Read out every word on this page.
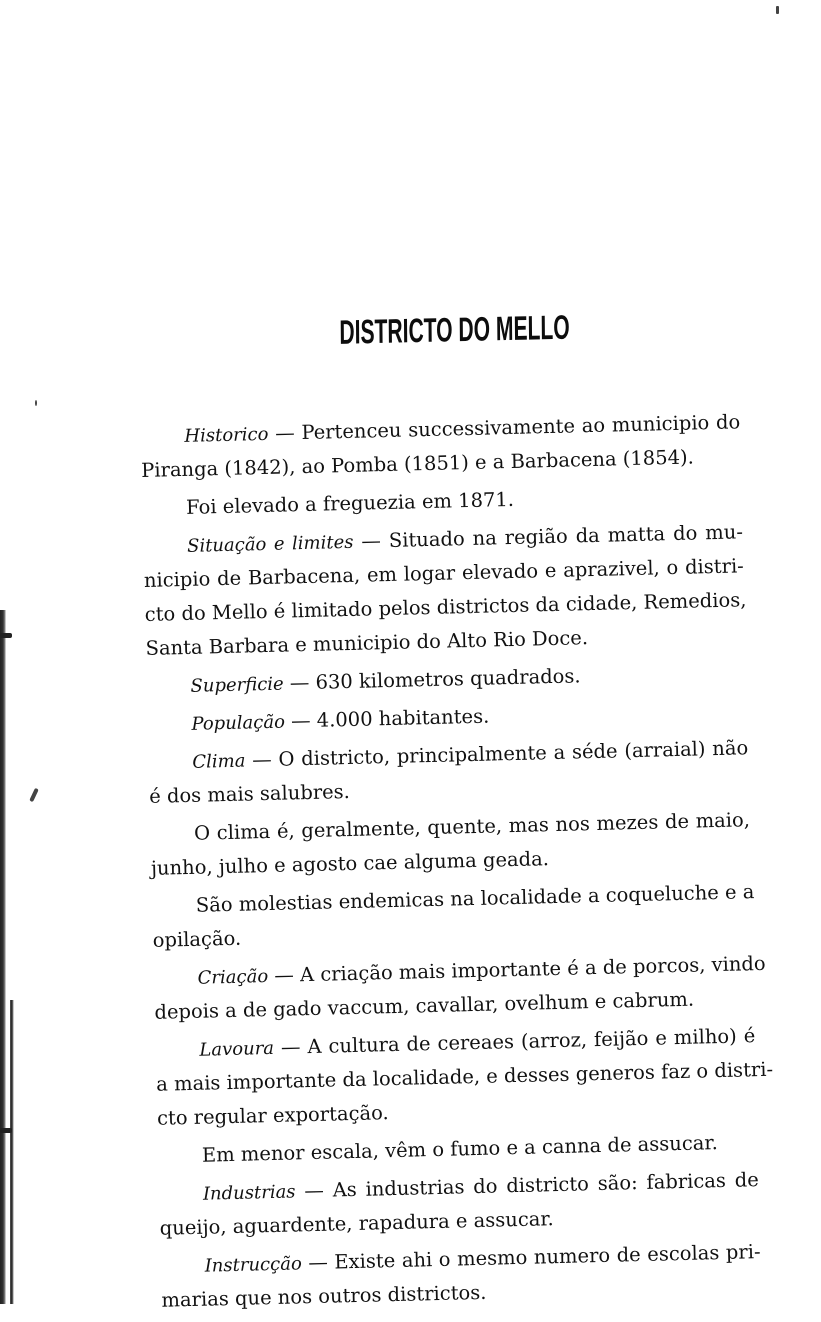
DISTRICTO DO MELLO
Historico — Pertenceu successivamente ao municipio do
Piranga (1842), ao Pomba (1851) e a Barbacena (1854).
Foi elevado a freguezia em 1871.
Situação e limites — Situado na região da matta do mu-
nicipio de Barbacena, em logar elevado e aprazivel, o distri-
cto do Mello é limitado pelos districtos da cidade, Remedios,
Santa Barbara e municipio do Alto Rio Doce.
Superficie — 630 kilometros quadrados.
População — 4.000 habitantes.
Clima — O districto, principalmente a séde (arraial) não
é dos mais salubres.
O clima é, geralmente, quente, mas nos mezes de maio,
junho, julho e agosto cae alguma geada.
São molestias endemicas na localidade a coqueluche e a
opilação.
Criação — A criação mais importante é a de porcos, vindo
depois a de gado vaccum, cavallar, ovelhum e cabrum.
Lavoura — A cultura de cereaes (arroz, feijão e milho) é
a mais importante da localidade, e desses generos faz o distri-
cto regular exportação.
Em menor escala, vêm o fumo e a canna de assucar.
Industrias — As industrias do districto são: fabricas de
queijo, aguardente, rapadura e assucar.
Instrucção — Existe ahi o mesmo numero de escolas pri-
marias que nos outros districtos.
